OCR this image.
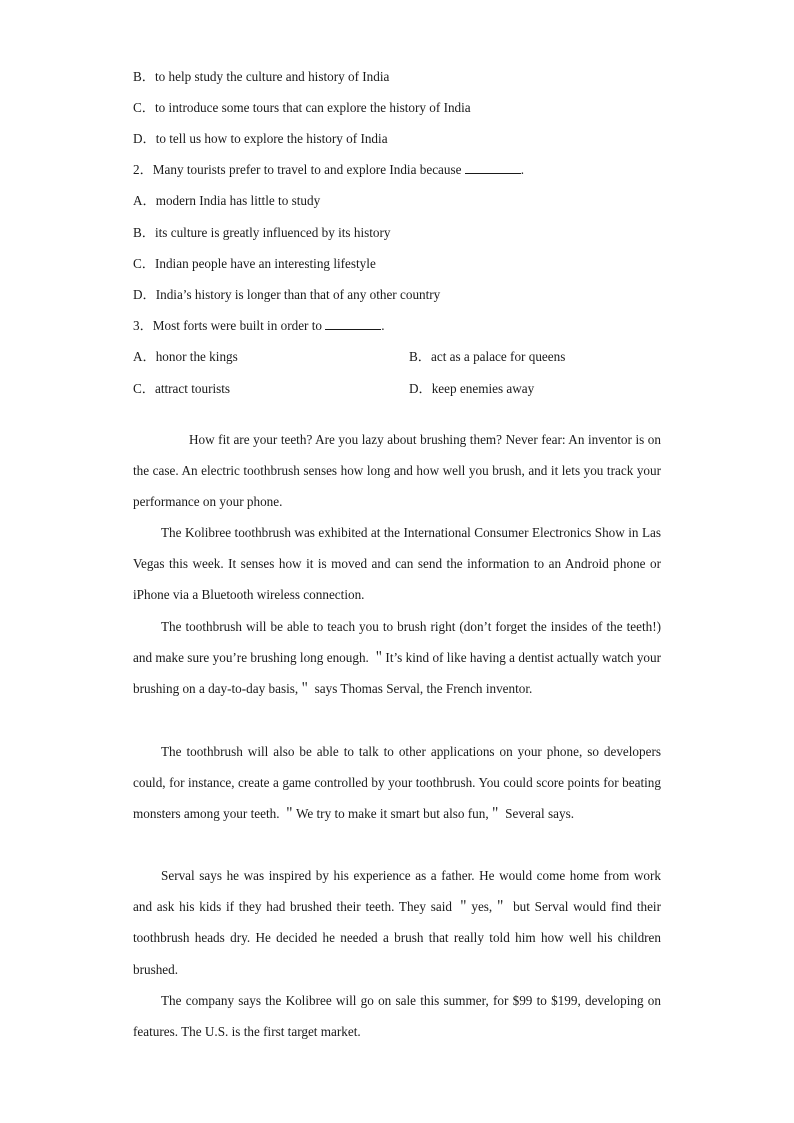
B．to help study the culture and history of India
C．to introduce some tours that can explore the history of India
D．to tell us how to explore the history of India
2．Many tourists prefer to travel to and explore India because	.
A．modern India has little to study
B．its culture is greatly influenced by its history
C．Indian people have an interesting lifestyle
D．India’s history is longer than that of any other country
3．Most forts were built in order to	.
A．honor the kings	B．act as a palace for queens
C．attract tourists	D．keep enemies away
How fit are your teeth? Are you lazy about brushing them? Never fear: An inventor is on the case. An electric toothbrush senses how long and how well you brush, and it lets you track your performance on your phone.
The Kolibree toothbrush was exhibited at the International Consumer Electronics Show in Las Vegas this week. It senses how it is moved and can send the information to an Android phone or iPhone via a Bluetooth wireless connection.
The toothbrush will be able to teach you to brush right (don’t forget the insides of the teeth!) and make sure you’re brushing long enough. ＂It’s kind of like having a dentist actually watch your brushing on a day-to-day basis,＂ says Thomas Serval, the French inventor.
The toothbrush will also be able to talk to other applications on your phone, so developers could, for instance, create a game controlled by your toothbrush. You could score points for beating monsters among your teeth. ＂We try to make it smart but also fun,＂ Several says.
Serval says he was inspired by his experience as a father. He would come home from work and ask his kids if they had brushed their teeth. They said ＂yes,＂ but Serval would find their toothbrush heads dry. He decided he needed a brush that really told him how well his children brushed.
The company says the Kolibree will go on sale this summer, for $99 to $199, developing on features. The U.S. is the first target market.
